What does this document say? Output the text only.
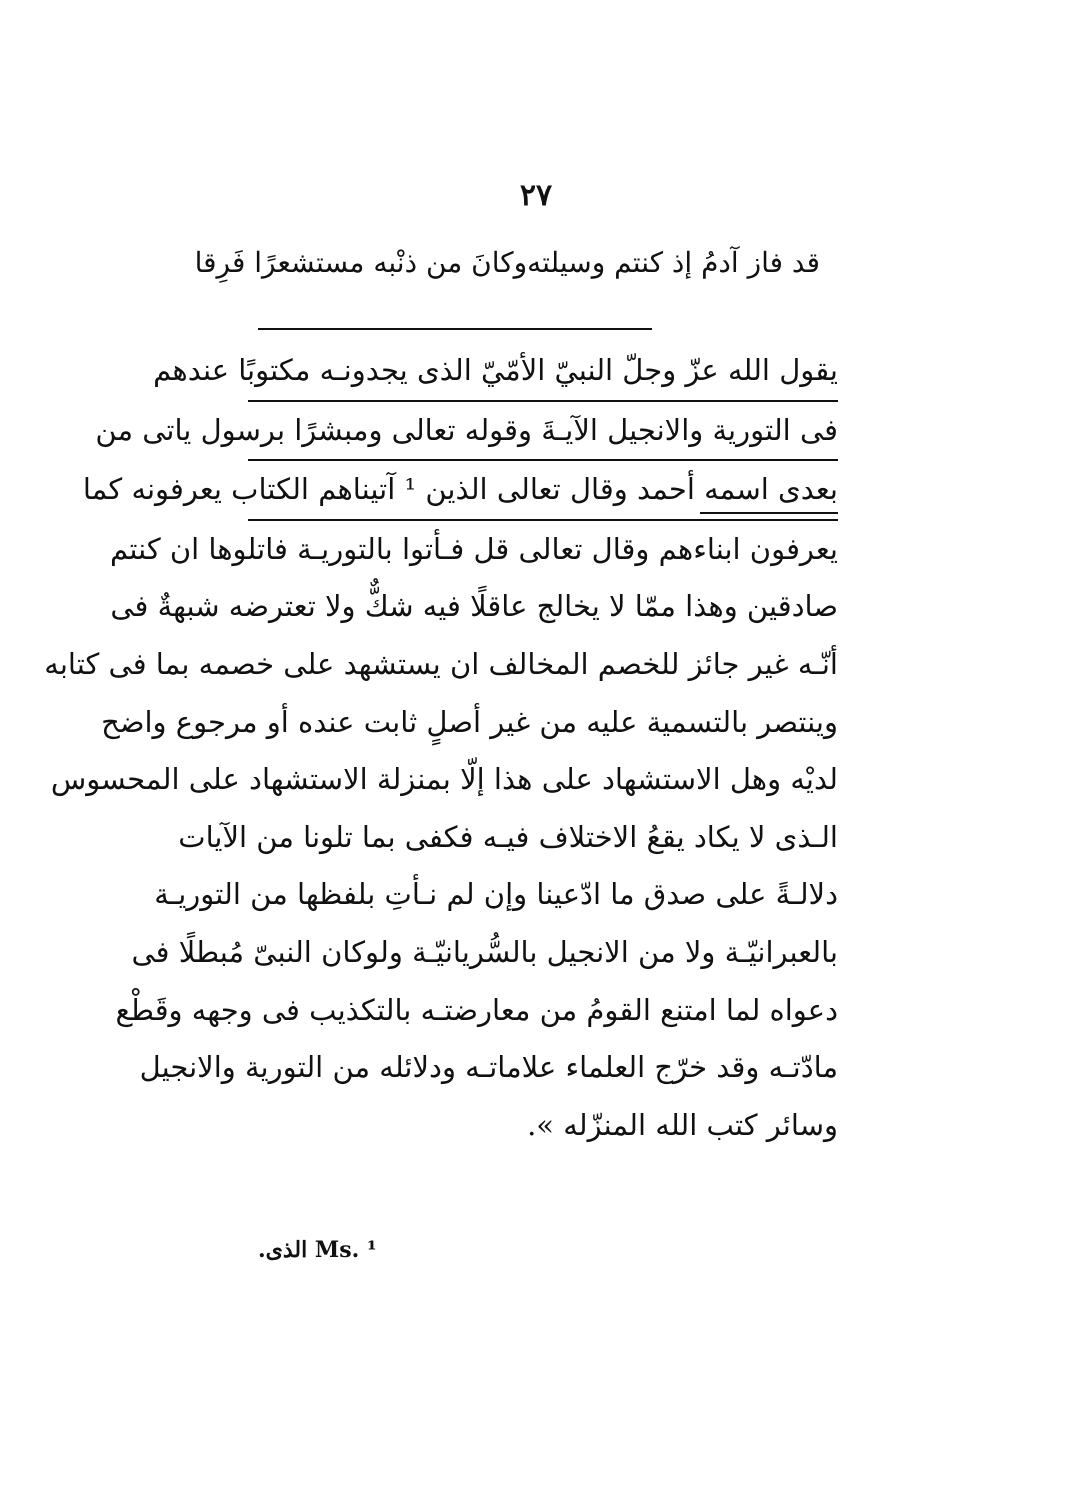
٢٧
قد فاز آدمُ إذ كنتم وسيلته
وكانَ من ذنْبه مستشعرًا فَرِقا
يقول الله عزّ وجلّ النبيّ الأمّيّ الذى يجدونـه مكتوبًا عندهم
فى التورية والانجيل الآيـةَ وقوله تعالى ومبشرًا برسول ياتى من
بعدى اسمه أحمد وقال تعالى الذين ¹ آتيناهم الكتاب يعرفونه كما
يعرفون ابناءهم وقال تعالى قل فـأتوا بالتوريـة فاتلوها ان كنتم
صادقين وهذا ممّا لا يخالج عاقلًا فيه شكٌّ ولا تعترضه شبهةٌ فى
أنّـه غير جائز للخصم المخالف ان يستشهد على خصمه بما فى كتابه
وينتصر بالتسمية عليه من غير أصلٍ ثابت عنده أو مرجوع واضح
لديْه وهل الاستشهاد على هذا إلّا بمنزلة الاستشهاد على المحسوس
الـذى لا يكاد يقعُ الاختلاف فيـه فكفى بما تلونا من الآيات
دلالـةً على صدق ما ادّعينا وإن لم نـأتِ بلفظها من التوريـة
بالعبرانيّـة ولا من الانجيل بالسُّريانيّـة ولوكان النبىّ مُبطلًا فى
دعواه لما امتنع القومُ من معارضتـه بالتكذيب فى وجهه وقَطْع
مادّتـه وقد خرّج العلماء علاماتـه ودلائله من التورية والانجيل
وسائر كتب الله المنزّله ».
¹ .Ms الذى.
